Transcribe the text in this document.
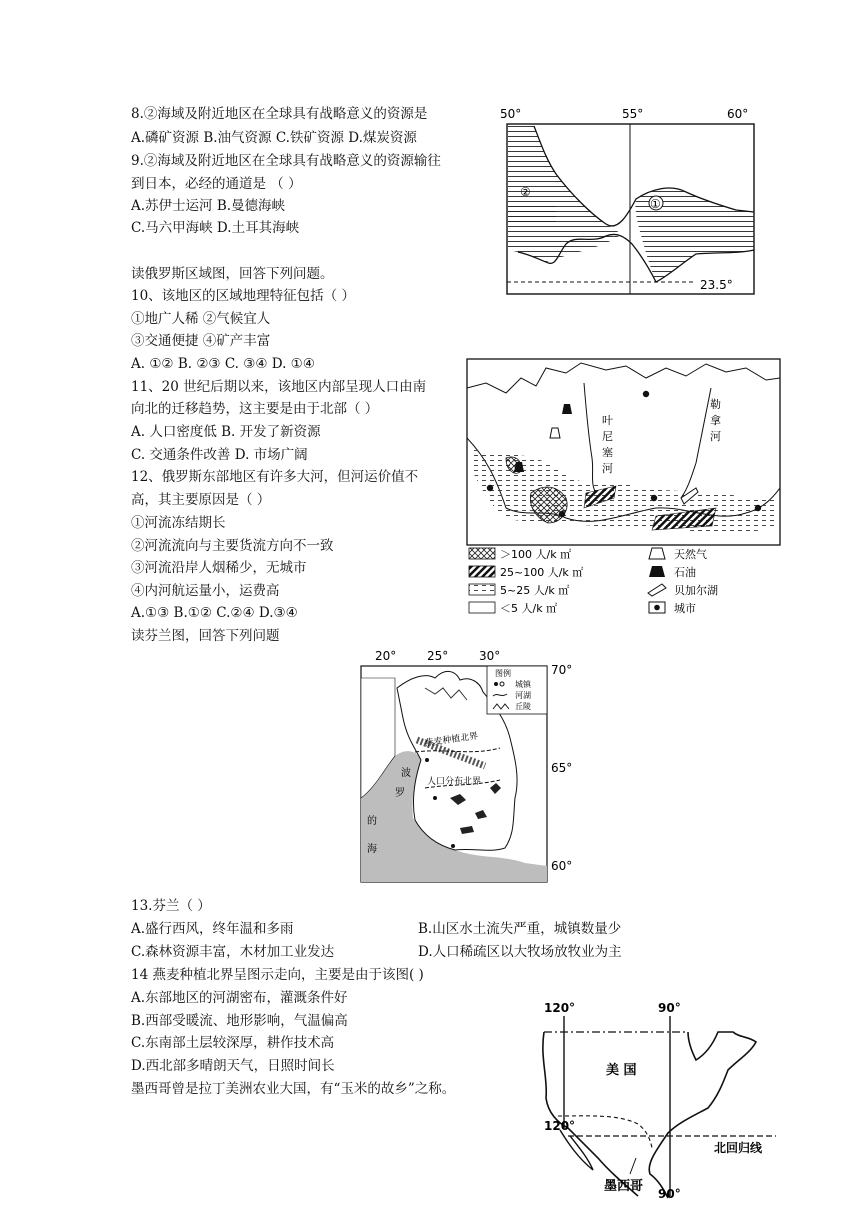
8.②海域及附近地区在全球具有战略意义的资源是
A.磷矿资源 B.油气资源 C.铁矿资源 D.煤炭资源
9.②海域及附近地区在全球具有战略意义的资源输往
到日本，必经的通道是 （ ）
A.苏伊士运河 B.曼德海峡
C.马六甲海峡 D.土耳其海峡
读俄罗斯区域图，回答下列问题。
10、该地区的区域地理特征包括（ ）
①地广人稀 ②气候宜人
③交通便捷 ④矿产丰富
A. ①② B. ②③ C. ③④ D. ①④
11、20 世纪后期以来，该地区内部呈现人口由南
向北的迁移趋势，这主要是由于北部（ ）
A. 人口密度低 B. 开发了新资源
C. 交通条件改善 D. 市场广阔
12、俄罗斯东部地区有许多大河，但河运价值不
高，其主要原因是（ ）
①河流冻结期长
②河流流向与主要货流方向不一致
③河流沿岸人烟稀少，无城市
④内河航运量小，运费高
A.①③ B.①② C.②④ D.③④
读芬兰图，回答下列问题
13.芬兰（ ）
A.盛行西风，终年温和多雨	B.山区水土流失严重，城镇数量少
C.森林资源丰富，木材加工业发达	D.人口稀疏区以大牧场放牧业为主
14 燕麦种植北界呈图示走向，主要是由于该图( )
A.东部地区的河湖密布，灌溉条件好
B.西部受暖流、地形影响，气温偏高
C.东南部土层较深厚，耕作技术高
D.西北部多晴朗天气，日照时间长
墨西哥曾是拉丁美洲农业大国，有“玉米的故乡”之称。
50°	55°	60°
23.5°
①
②
叶
尼
塞
河
勒
拿
河
＞100 人/k ㎡
25~100 人/k ㎡
5~25 人/k ㎡
＜5 人/k ㎡
天然气
石油
贝加尔湖
城市
20°	25°	30°
70°
65°
60°
燕麦种植北界
人口分布北界
波
罗
的
海
图例
城镇
河湖
丘陵
120°	90°
120°
90°
美 国
墨西哥
北回归线
